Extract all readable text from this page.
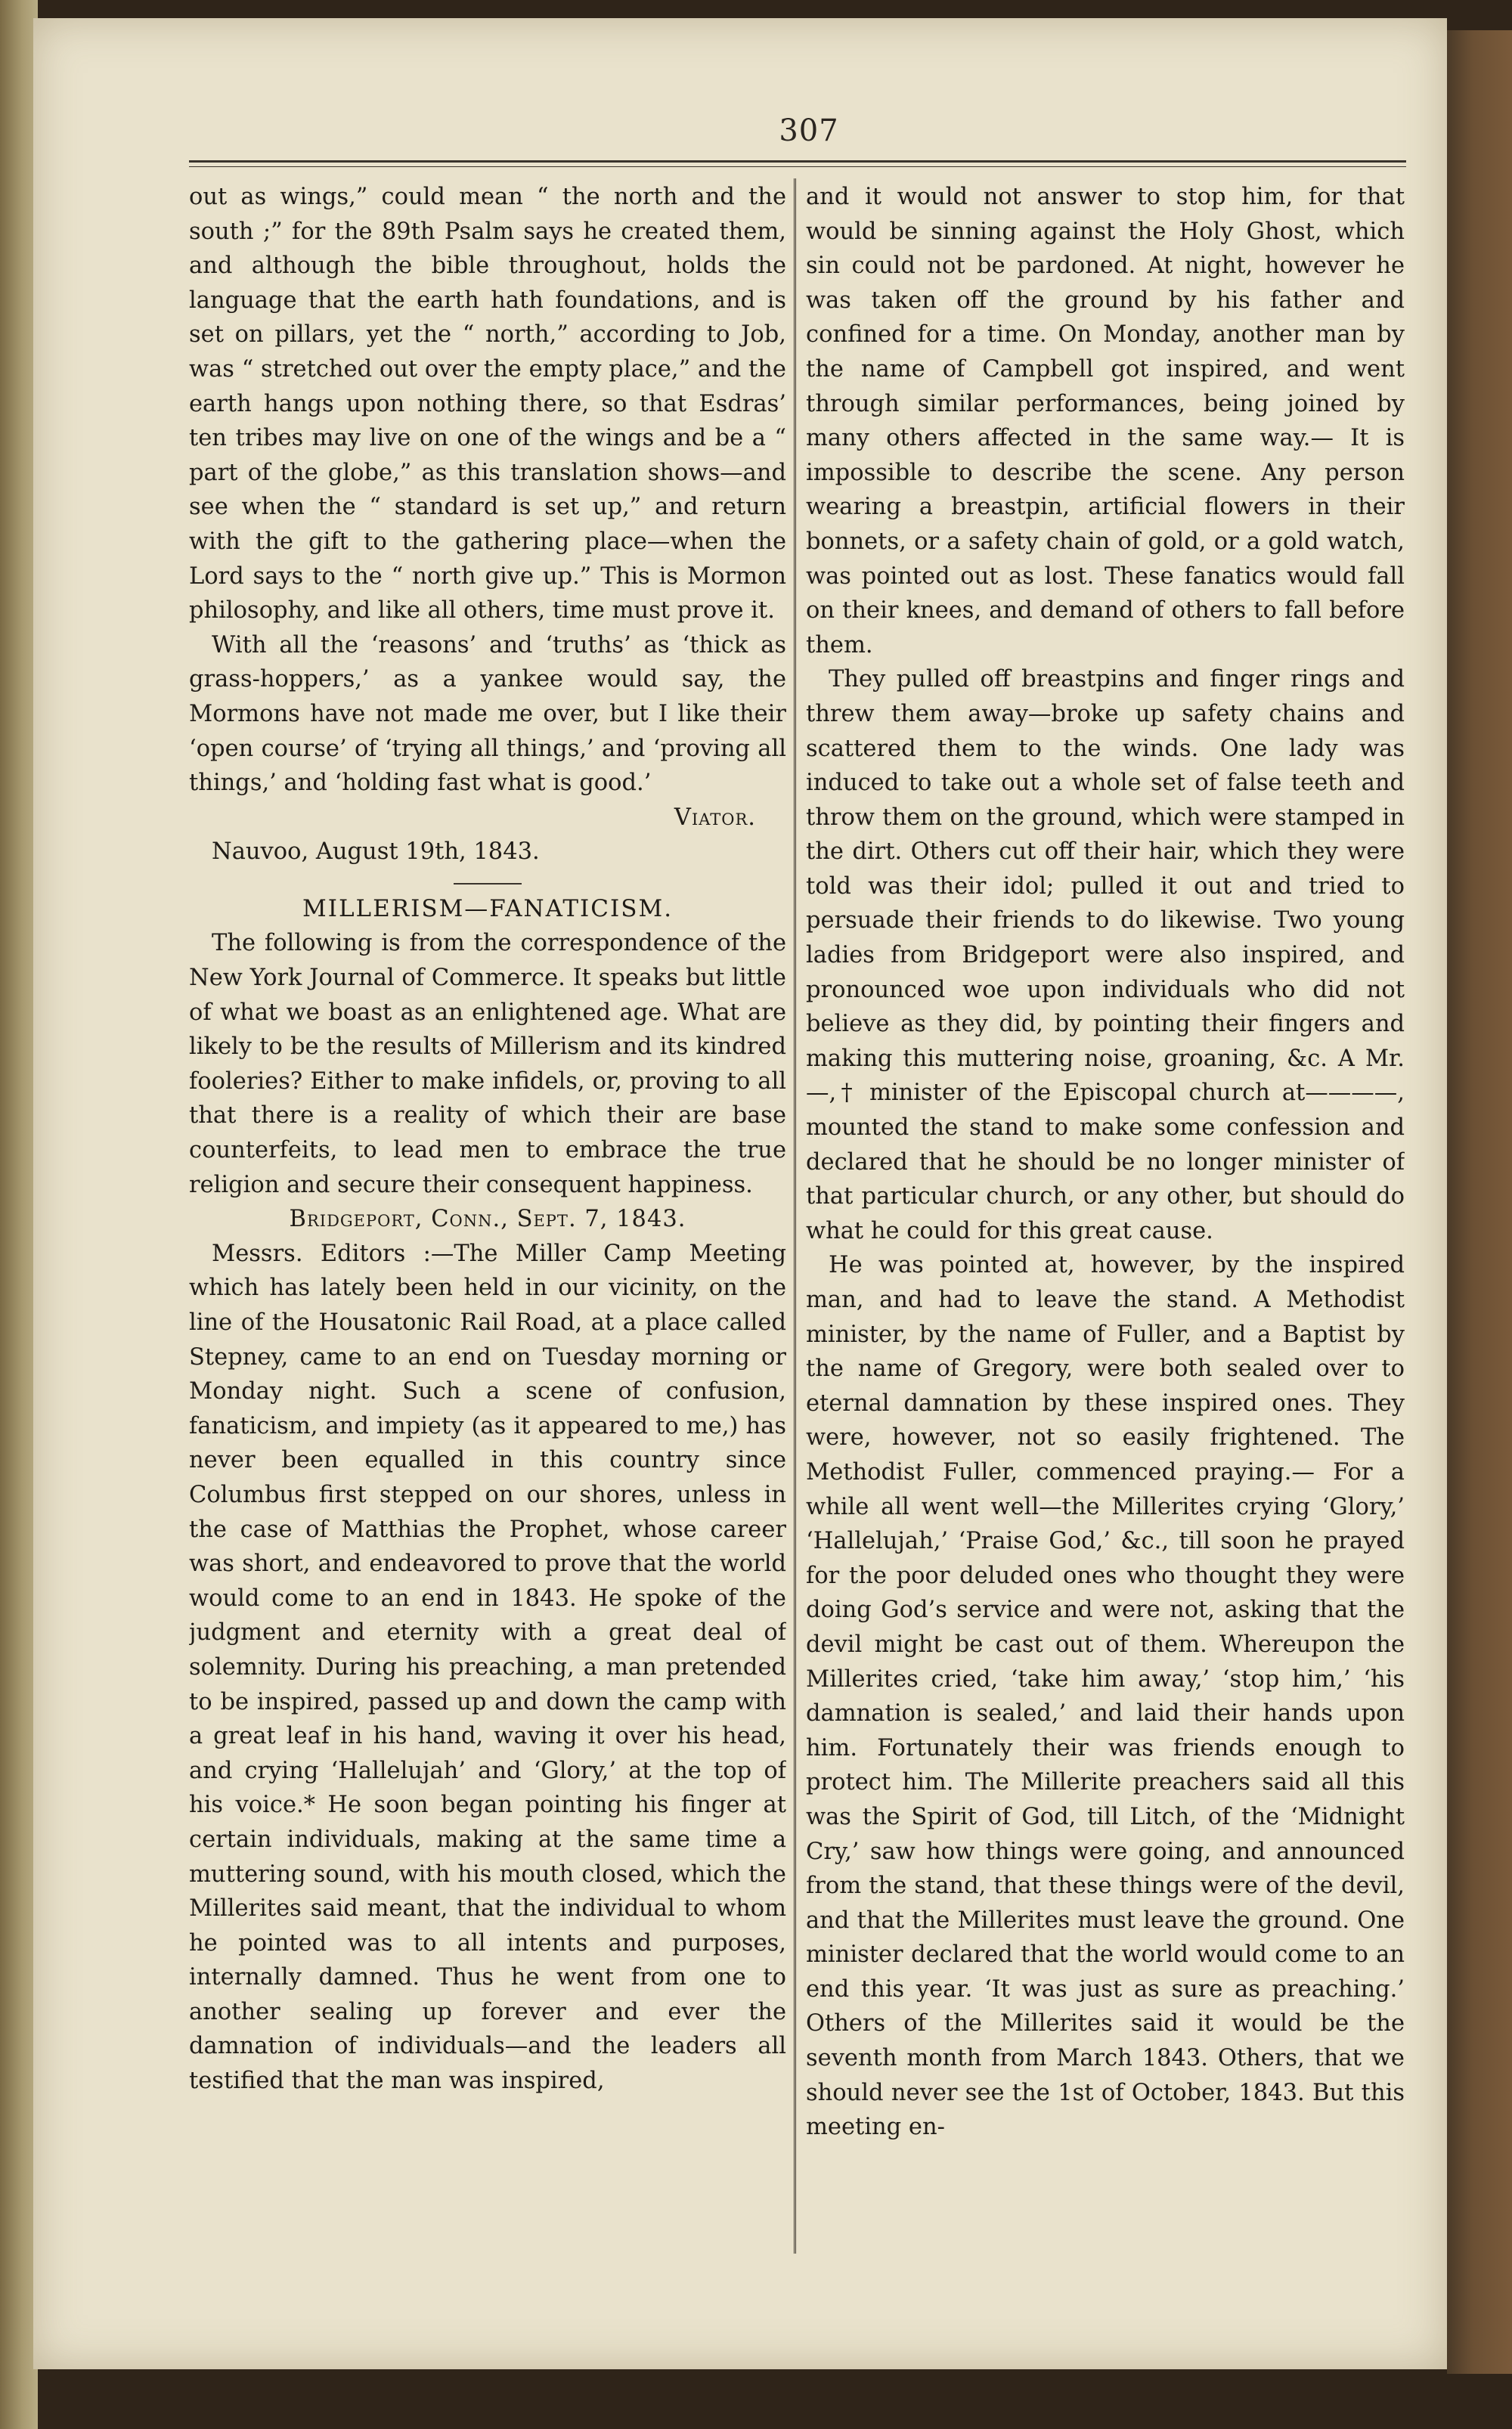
307

out as wings,” could mean “ the north and the south ;” for the 89th Psalm says he created them, and although the bible throughout, holds the language that the earth hath foundations, and is set on pillars, yet the “ north,” according to Job, was “ stretched out over the empty place,” and the earth hangs upon nothing there, so that Esdras’ ten tribes may live on one of the wings and be a “ part of the globe,” as this translation shows—and see when the “ standard is set up,” and return with the gift to the gathering place—when the Lord says to the “ north give up.” This is Mormon philosophy, and like all others, time must prove it.

With all the ‘reasons’ and ‘truths’ as ‘thick as grass-hoppers,’ as a yankee would say, the Mormons have not made me over, but I like their ‘open course’ of ‘trying all things,’ and ‘proving all things,’ and ‘holding fast what is good.’

Viator.

Nauvoo, August 19th, 1843.

MILLERISM—FANATICISM.

The following is from the correspondence of the New York Journal of Commerce. It speaks but little of what we boast as an enlightened age. What are likely to be the results of Millerism and its kindred fooleries? Either to make infidels, or, proving to all that there is a reality of which their are base counterfeits, to lead men to embrace the true religion and secure their consequent happiness.

Bridgeport, Conn., Sept. 7, 1843.

Messrs. Editors :—The Miller Camp Meeting which has lately been held in our vicinity, on the line of the Housatonic Rail Road, at a place called Stepney, came to an end on Tuesday morning or Monday night. Such a scene of confusion, fanaticism, and impiety (as it appeared to me,) has never been equalled in this country since Columbus first stepped on our shores, unless in the case of Matthias the Prophet, whose career was short, and endeavored to prove that the world would come to an end in 1843. He spoke of the judgment and eternity with a great deal of solemnity. During his preaching, a man pretended to be inspired, passed up and down the camp with a great leaf in his hand, waving it over his head, and crying ‘Hallelujah’ and ‘Glory,’ at the top of his voice.* He soon began pointing his finger at certain individuals, making at the same time a muttering sound, with his mouth closed, which the Millerites said meant, that the individual to whom he pointed was to all intents and purposes, internally damned. Thus he went from one to another sealing up forever and ever the damnation of individuals—and the leaders all testified that the man was inspired,

and it would not answer to stop him, for that would be sinning against the Holy Ghost, which sin could not be pardoned. At night, however he was taken off the ground by his father and confined for a time. On Monday, another man by the name of Campbell got inspired, and went through similar performances, being joined by many others affected in the same way.— It is impossible to describe the scene. Any person wearing a breastpin, artificial flowers in their bonnets, or a safety chain of gold, or a gold watch, was pointed out as lost. These fanatics would fall on their knees, and demand of others to fall before them.

They pulled off breastpins and finger rings and threw them away—broke up safety chains and scattered them to the winds. One lady was induced to take out a whole set of false teeth and throw them on the ground, which were stamped in the dirt. Others cut off their hair, which they were told was their idol; pulled it out and tried to persuade their friends to do likewise. Two young ladies from Bridgeport were also inspired, and pronounced woe upon individuals who did not believe as they did, by pointing their fingers and making this muttering noise, groaning, &c. A Mr.—,† minister of the Episcopal church at————, mounted the stand to make some confession and declared that he should be no longer minister of that particular church, or any other, but should do what he could for this great cause.

He was pointed at, however, by the inspired man, and had to leave the stand. A Methodist minister, by the name of Fuller, and a Baptist by the name of Gregory, were both sealed over to eternal damnation by these inspired ones. They were, however, not so easily frightened. The Methodist Fuller, commenced praying.— For a while all went well—the Millerites crying ‘Glory,’ ‘Hallelujah,’ ‘Praise God,’ &c., till soon he prayed for the poor deluded ones who thought they were doing God’s service and were not, asking that the devil might be cast out of them. Whereupon the Millerites cried, ‘take him away,’ ‘stop him,’ ‘his damnation is sealed,’ and laid their hands upon him. Fortunately their was friends enough to protect him. The Millerite preachers said all this was the Spirit of God, till Litch, of the ‘Midnight Cry,’ saw how things were going, and announced from the stand, that these things were of the devil, and that the Millerites must leave the ground. One minister declared that the world would come to an end this year. ‘It was just as sure as preaching.’ Others of the Millerites said it would be the seventh month from March 1843. Others, that we should never see the 1st of October, 1843. But this meeting en-
